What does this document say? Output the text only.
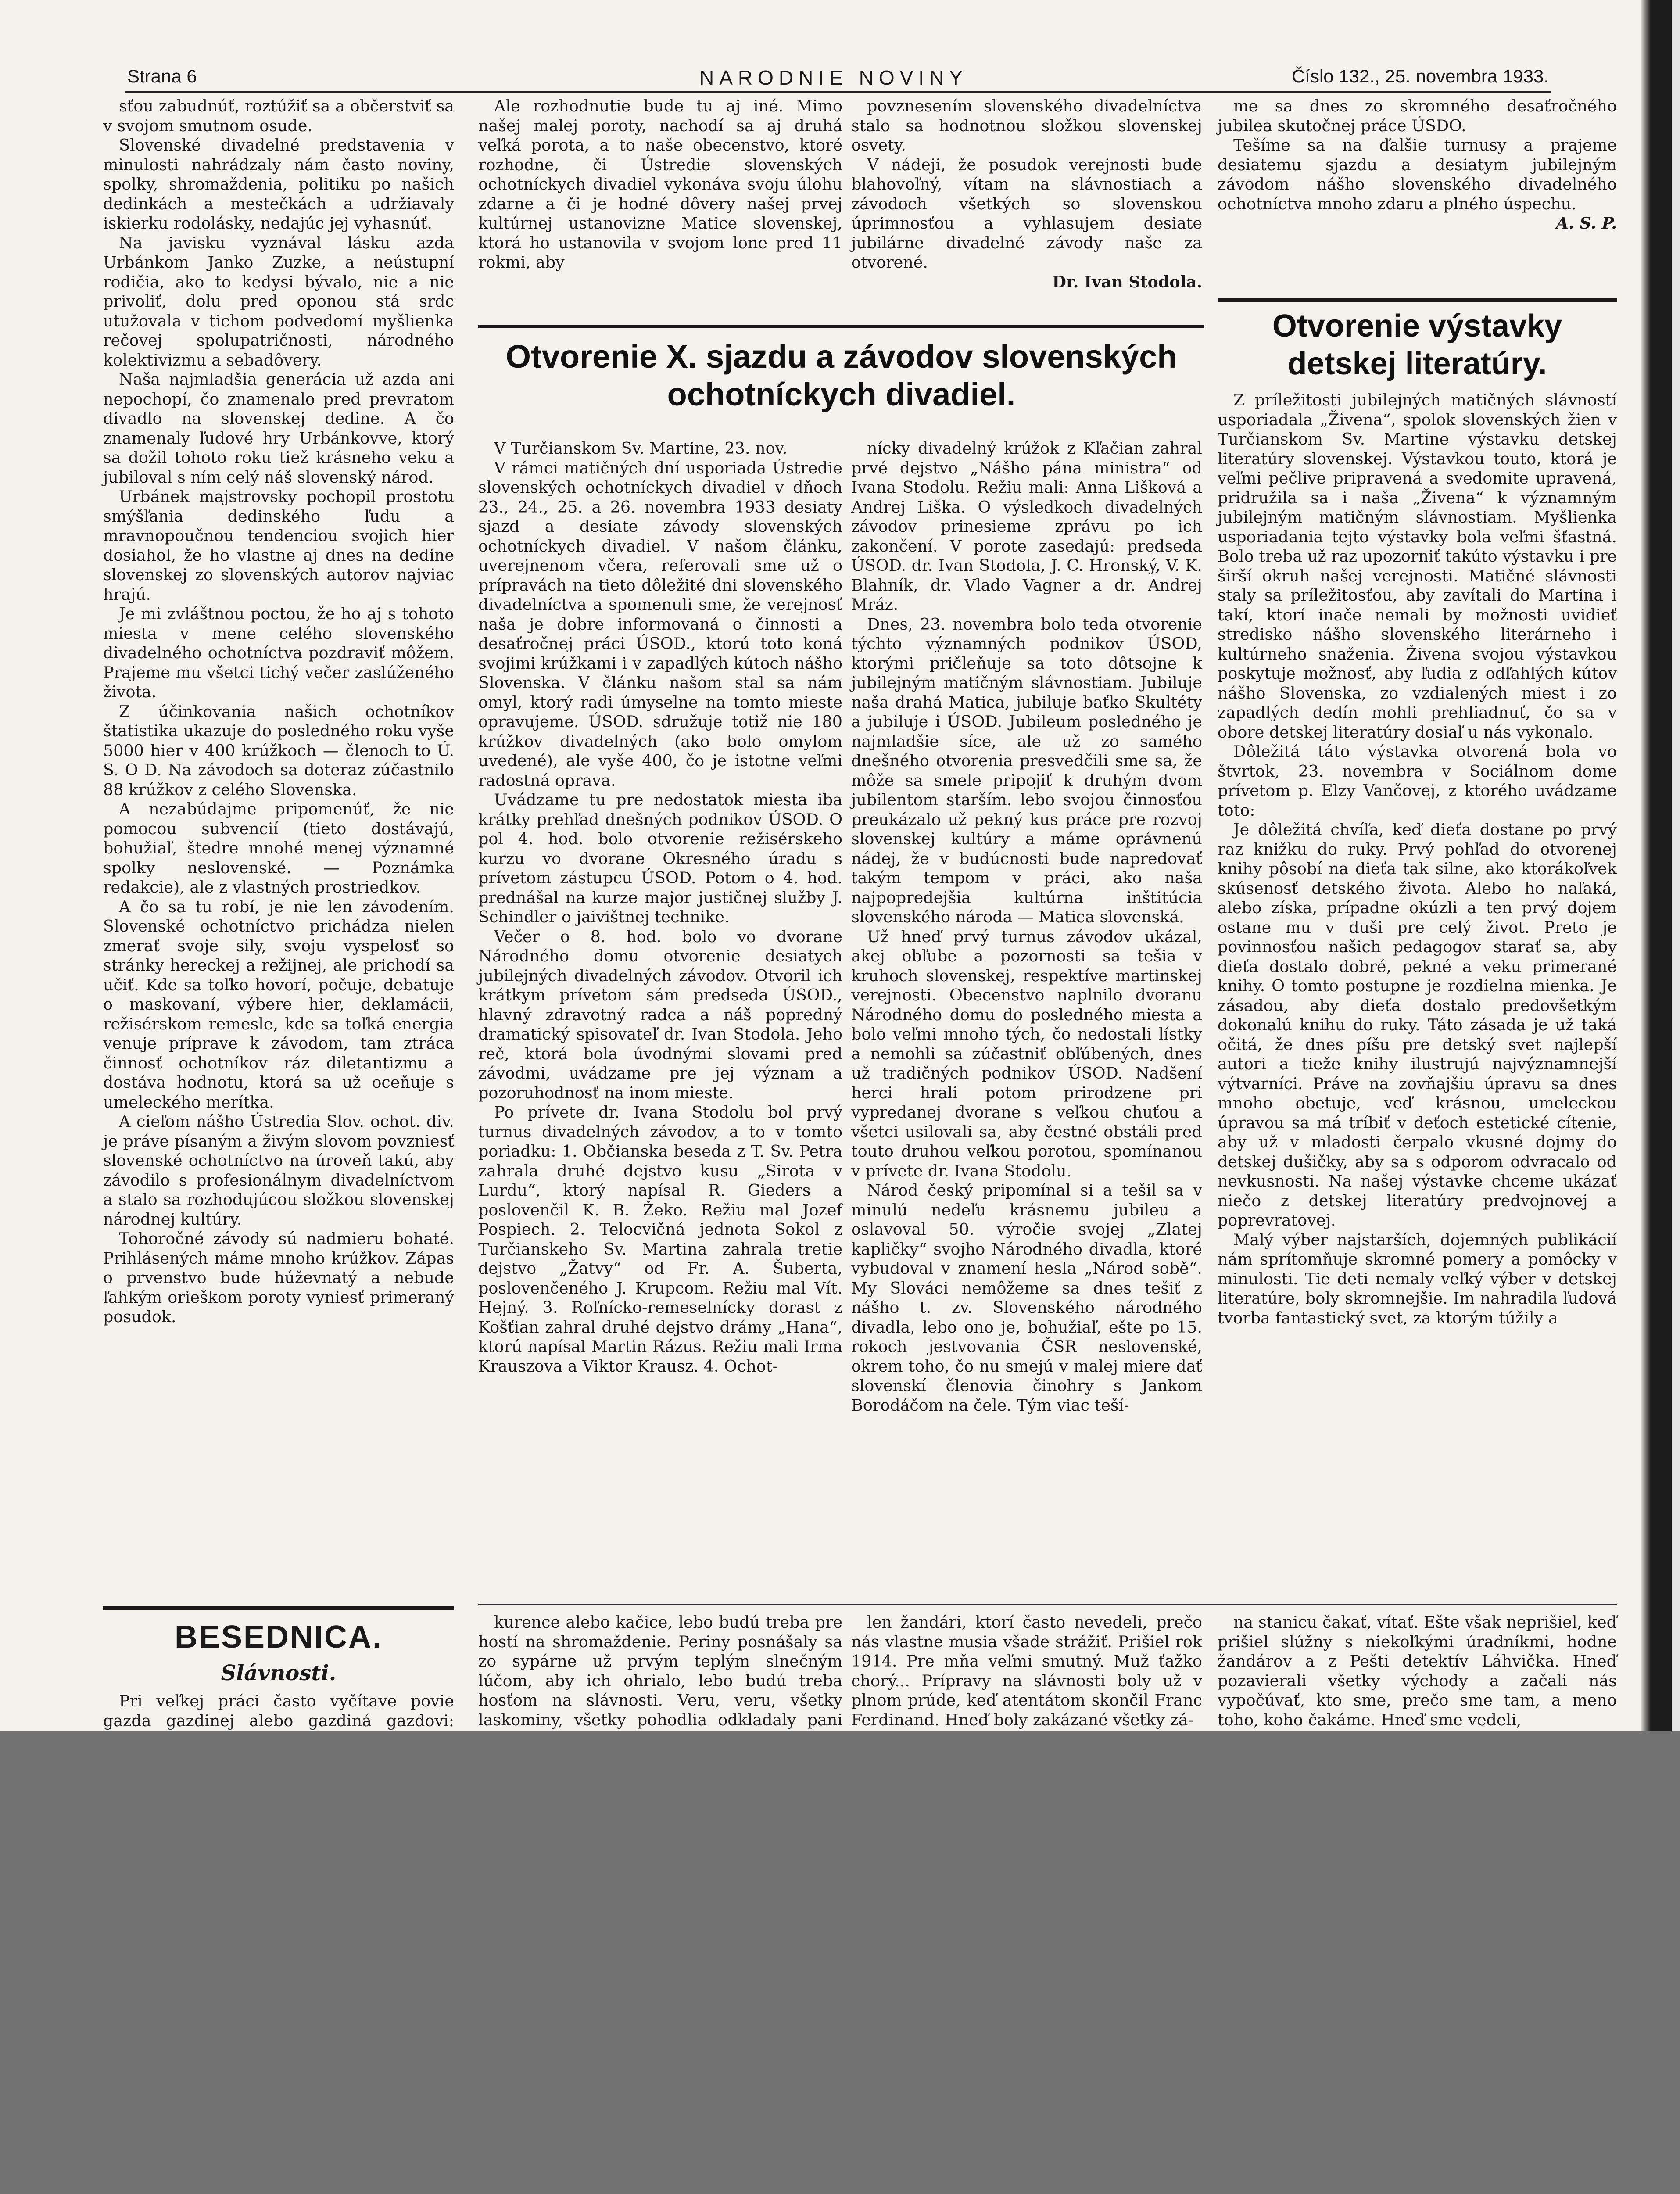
Strana 6	NARODNIE NOVINY	Číslo 132., 25. novembra 1933.

sťou zabudnúť, roztúžiť sa a občerstviť sa v svojom smutnom osude.

Slovenské divadelné predstavenia v minulosti nahrádzaly nám často noviny, spolky, shromaždenia, politiku po našich dedinkách a mestečkách a udržiavaly iskierku rodolásky, nedajúc jej vyhasnúť.

Na javisku vyznával lásku azda Urbánkom Janko Zuzke, a neústupní rodičia, ako to kedysi bývalo, nie a nie privoliť, dolu pred oponou stá srdc utužovala v tichom podvedomí myšlienka rečovej spolupatričnosti, národného kolektivizmu a sebadôvery.

Naša najmladšia generácia už azda ani nepochopí, čo znamenalo pred prevratom divadlo na slovenskej dedine. A čo znamenaly ľudové hry Urbánkovve, ktorý sa dožil tohoto roku tiež krásneho veku a jubiloval s ním celý náš slovenský národ.

Urbánek majstrovsky pochopil prostotu smýšľania dedinského ľudu a mravnopoučnou tendenciou svojich hier dosiahol, že ho vlastne aj dnes na dedine slovenskej zo slovenských autorov najviac hrajú.

Je mi zvláštnou poctou, že ho aj s tohoto miesta v mene celého slovenského divadelného ochotníctva pozdraviť môžem. Prajeme mu všetci tichý večer zaslúženého života.

Z účinkovania našich ochotníkov štatistika ukazuje do posledného roku vyše 5000 hier v 400 krúžkoch — členoch to Ú. S. O D. Na závodoch sa doteraz zúčastnilo 88 krúžkov z celého Slovenska.

A nezabúdajme pripomenúť, že nie pomocou subvencií (tieto dostávajú, bohužiaľ, štedre mnohé menej významné spolky neslovenské. — Poznámka redakcie), ale z vlastných prostriedkov.

A čo sa tu robí, je nie len závodením. Slovenské ochotníctvo prichádza nielen zmerať svoje sily, svoju vyspelosť so stránky hereckej a režijnej, ale prichodí sa učiť. Kde sa toľko hovorí, počuje, debatuje o maskovaní, výbere hier, deklamácii, režisérskom remesle, kde sa toľká energia venuje príprave k závodom, tam ztráca činnosť ochotníkov ráz diletantizmu a dostáva hodnotu, ktorá sa už oceňuje s umeleckého merítka.

A cieľom nášho Ústredia Slov. ochot. div. je práve písaným a živým slovom povzniesť slovenské ochotníctvo na úroveň takú, aby závodilo s profesionálnym divadelníctvom a stalo sa rozhodujúcou složkou slovenskej národnej kultúry.

Tohoročné závody sú nadmieru bohaté. Prihlásených máme mnoho krúžkov. Zápas o prvenstvo bude húževnatý a nebude ľahkým orieškom poroty vyniesť primeraný posudok.

Ale rozhodnutie bude tu aj iné. Mimo našej malej poroty, nachodí sa aj druhá veľká porota, a to naše obecenstvo, ktoré rozhodne, či Ústredie slovenských ochotníckych divadiel vykonáva svoju úlohu zdarne a či je hodné dôvery našej prvej kultúrnej ustanovizne Matice slovenskej, ktorá ho ustanovila v svojom lone pred 11 rokmi, aby

povznesením slovenského divadelníctva stalo sa hodnotnou složkou slovenskej osvety.

V nádeji, že posudok verejnosti bude blahovoľný, vítam na slávnostiach a závodoch všetkých so slovenskou úprimnosťou a vyhlasujem desiate jubilárne divadelné závody naše za otvorené.

Dr. Ivan Stodola.

me sa dnes zo skromného desaťročného jubilea skutočnej práce ÚSDO.

Tešíme sa na ďalšie turnusy a prajeme desiatemu sjazdu a desiatym jubilejným závodom nášho slovenského divadelného ochotníctva mnoho zdaru a plného úspechu.

A. S. P.

Otvorenie X. sjazdu a závodov slovenských ochotníckych divadiel.

V Turčianskom Sv. Martine, 23. nov.

V rámci matičných dní usporiada Ústredie slovenských ochotníckych divadiel v dňoch 23., 24., 25. a 26. novembra 1933 desiaty sjazd a desiate závody slovenských ochotníckych divadiel. V našom článku, uverejnenom včera, referovali sme už o prípravách na tieto dôležité dni slovenského divadelníctva a spomenuli sme, že verejnosť naša je dobre informovaná o činnosti a desaťročnej práci ÚSOD., ktorú toto koná svojimi krúžkami i v zapadlých kútoch nášho Slovenska. V článku našom stal sa nám omyl, ktorý radi úmyselne na tomto mieste opravujeme. ÚSOD. sdružuje totiž nie 180 krúžkov divadelných (ako bolo omylom uvedené), ale vyše 400, čo je istotne veľmi radostná oprava.

Uvádzame tu pre nedostatok miesta iba krátky prehľad dnešných podnikov ÚSOD. O pol 4. hod. bolo otvorenie režisérskeho kurzu vo dvorane Okresného úradu s prívetom zástupcu ÚSOD. Potom o 4. hod. prednášal na kurze major justičnej služby J. Schindler o jaivištnej technike.

Večer o 8. hod. bolo vo dvorane Národného domu otvorenie desiatych jubilejných divadelných závodov. Otvoril ich krátkym prívetom sám predseda ÚSOD., hlavný zdravotný radca a náš popredný dramatický spisovateľ dr. Ivan Stodola. Jeho reč, ktorá bola úvodnými slovami pred závodmi, uvádzame pre jej význam a pozoruhodnosť na inom mieste.

Po prívete dr. Ivana Stodolu bol prvý turnus divadelných závodov, a to v tomto poriadku: 1. Občianska beseda z T. Sv. Petra zahrala druhé dejstvo kusu „Sirota v Lurdu“, ktorý napísal R. Gieders a poslovenčil K. B. Žeko. Režiu mal Jozef Pospiech. 2. Telocvičná jednota Sokol z Turčianskeho Sv. Martina zahrala tretie dejstvo „Žatvy“ od Fr. A. Šuberta, poslovenčeného J. Krupcom. Režiu mal Vít. Hejný. 3. Roľnícko-remeselnícky dorast z Košťian zahral druhé dejstvo drámy „Hana“, ktorú napísal Martin Rázus. Režiu mali Irma Krauszova a Viktor Krausz. 4. Ochot-

nícky divadelný krúžok z Kľačian zahral prvé dejstvo „Nášho pána ministra“ od Ivana Stodolu. Režiu mali: Anna Lišková a Andrej Liška. O výsledkoch divadelných závodov prinesieme zprávu po ich zakončení. V porote zasedajú: predseda ÚSOD. dr. Ivan Stodola, J. C. Hronský, V. K. Blahník, dr. Vlado Vagner a dr. Andrej Mráz.

Dnes, 23. novembra bolo teda otvorenie týchto významných podnikov ÚSOD, ktorými pričleňuje sa toto dôtsojne k jubilejným matičným slávnostiam. Jubiluje naša drahá Matica, jubiluje baťko Skultéty a jubiluje i ÚSOD. Jubileum posledného je najmladšie síce, ale už zo samého dnešného otvorenia presvedčili sme sa, že môže sa smele pripojiť k druhým dvom jubilentom starším. lebo svojou činnosťou preukázalo už pekný kus práce pre rozvoj slovenskej kultúry a máme oprávnenú nádej, že v budúcnosti bude napredovať takým tempom v práci, ako naša najpopredejšia kultúrna inštitúcia slovenského národa — Matica slovenská.

Už hneď prvý turnus závodov ukázal, akej obľube a pozornosti sa tešia v kruhoch slovenskej, respektíve martinskej verejnosti. Obecenstvo naplnilo dvoranu Národného domu do posledného miesta a bolo veľmi mnoho tých, čo nedostali lístky a nemohli sa zúčastniť obľúbených, dnes už tradičných podnikov ÚSOD. Nadšení herci hrali potom prirodzene pri vypredanej dvorane s veľkou chuťou a všetci usilovali sa, aby čestné obstáli pred touto druhou veľkou porotou, spomínanou v prívete dr. Ivana Stodolu.

Národ český pripomínal si a tešil sa v minulú nedeľu krásnemu jubileu a oslavoval 50. výročie svojej „Zlatej kapličky“ svojho Národného divadla, ktoré vybudoval v znamení hesla „Národ sobě“. My Slováci nemôžeme sa dnes tešiť z nášho t. zv. Slovenského národného divadla, lebo ono je, bohužiaľ, ešte po 15. rokoch jestvovania ČSR neslovenské, okrem toho, čo nu smejú v malej miere dať slovenskí členovia činohry s Jankom Borodáčom na čele. Tým viac teší-

Otvorenie výstavky detskej literatúry.

Z príležitosti jubilejných matičných slávností usporiadala „Živena“, spolok slovenských žien v Turčianskom Sv. Martine výstavku detskej literatúry slovenskej. Výstavkou touto, ktorá je veľmi pečlive pripravená a svedomite upravená, pridružila sa i naša „Živena“ k významným jubilejným matičným slávnostiam. Myšlienka usporiadania tejto výstavky bola veľmi šťastná. Bolo treba už raz upozorniť takúto výstavku i pre širší okruh našej verejnosti. Matičné slávnosti staly sa príležitosťou, aby zavítali do Martina i takí, ktorí inače nemali by možnosti uvidieť stredisko nášho slovenského literárneho i kultúrneho snaženia. Živena svojou výstavkou poskytuje možnosť, aby ľudia z odľahlých kútov nášho Slovenska, zo vzdialených miest i zo zapadlých dedín mohli prehliadnuť, čo sa v obore detskej literatúry dosiaľ u nás vykonalo.

Dôležitá táto výstavka otvorená bola vo štvrtok, 23. novembra v Sociálnom dome prívetom p. Elzy Vančovej, z ktorého uvádzame toto:

Je dôležitá chvíľa, keď dieťa dostane po prvý raz knižku do ruky. Prvý pohľad do otvorenej knihy pôsobí na dieťa tak silne, ako ktorákoľvek skúsenosť detského života. Alebo ho naľaká, alebo získa, prípadne okúzli a ten prvý dojem ostane mu v duši pre celý život. Preto je povinnosťou našich pedagogov starať sa, aby dieťa dostalo dobré, pekné a veku primerané knihy. O tomto postupne je rozdielna mienka. Je zásadou, aby dieťa dostalo predovšetkým dokonalú knihu do ruky. Táto zásada je už taká očitá, že dnes píšu pre detský svet najlepší autori a tieže knihy ilustrujú najvýznamnejší výtvarníci. Práve na zovňajšiu úpravu sa dnes mnoho obetuje, veď krásnou, umeleckou úpravou sa má tríbiť v deťoch estetické cítenie, aby už v mladosti čerpalo vkusné dojmy do detskej dušičky, aby sa s odporom odvracalo od nevkusnosti. Na našej výstavke chceme ukázať niečo z detskej literatúry predvojnovej a poprevratovej.

Malý výber najstarších, dojemných publikácií nám sprítomňuje skromné pomery a pomôcky v minulosti. Tie deti nemaly veľký výber v detskej literatúre, boly skromnejšie. Im nahradila ľudová tvorba fantastický svet, za ktorým túžily a

BESEDNICA.
Slávnosti.

Pri veľkej práci často vyčítave povie gazda gazdinej alebo gazdiná gazdovi:

kurence alebo kačice, lebo budú treba pre hostí na shromaždenie. Periny posnášaly sa zo sypárne už prvým teplým slnečným lúčom, aby ich ohrialo, lebo budú treba hosťom na slávnosti. Veru, veru, všetky laskominy, všetky pohodlia odkladaly pani

len žandári, ktorí často nevedeli, prečo nás vlastne musia všade strážiť. Prišiel rok 1914. Pre mňa veľmi smutný. Muž ťažko chorý... Prípravy na slávnosti boly už v plnom prúde, keď atentátom skončil Franc Ferdinand. Hneď boly zakázané všetky zá-

na stanicu čakať, vítať. Ešte však neprišiel, keď prišiel slúžny s niekoľkými úradníkmi, hodne žandárov a z Pešti detektív Láhvička. Hneď pozavierali všetky východy a začali nás vypočúvať, kto sme, prečo sme tam, a meno toho, koho čakáme. Hneď sme vedeli,
